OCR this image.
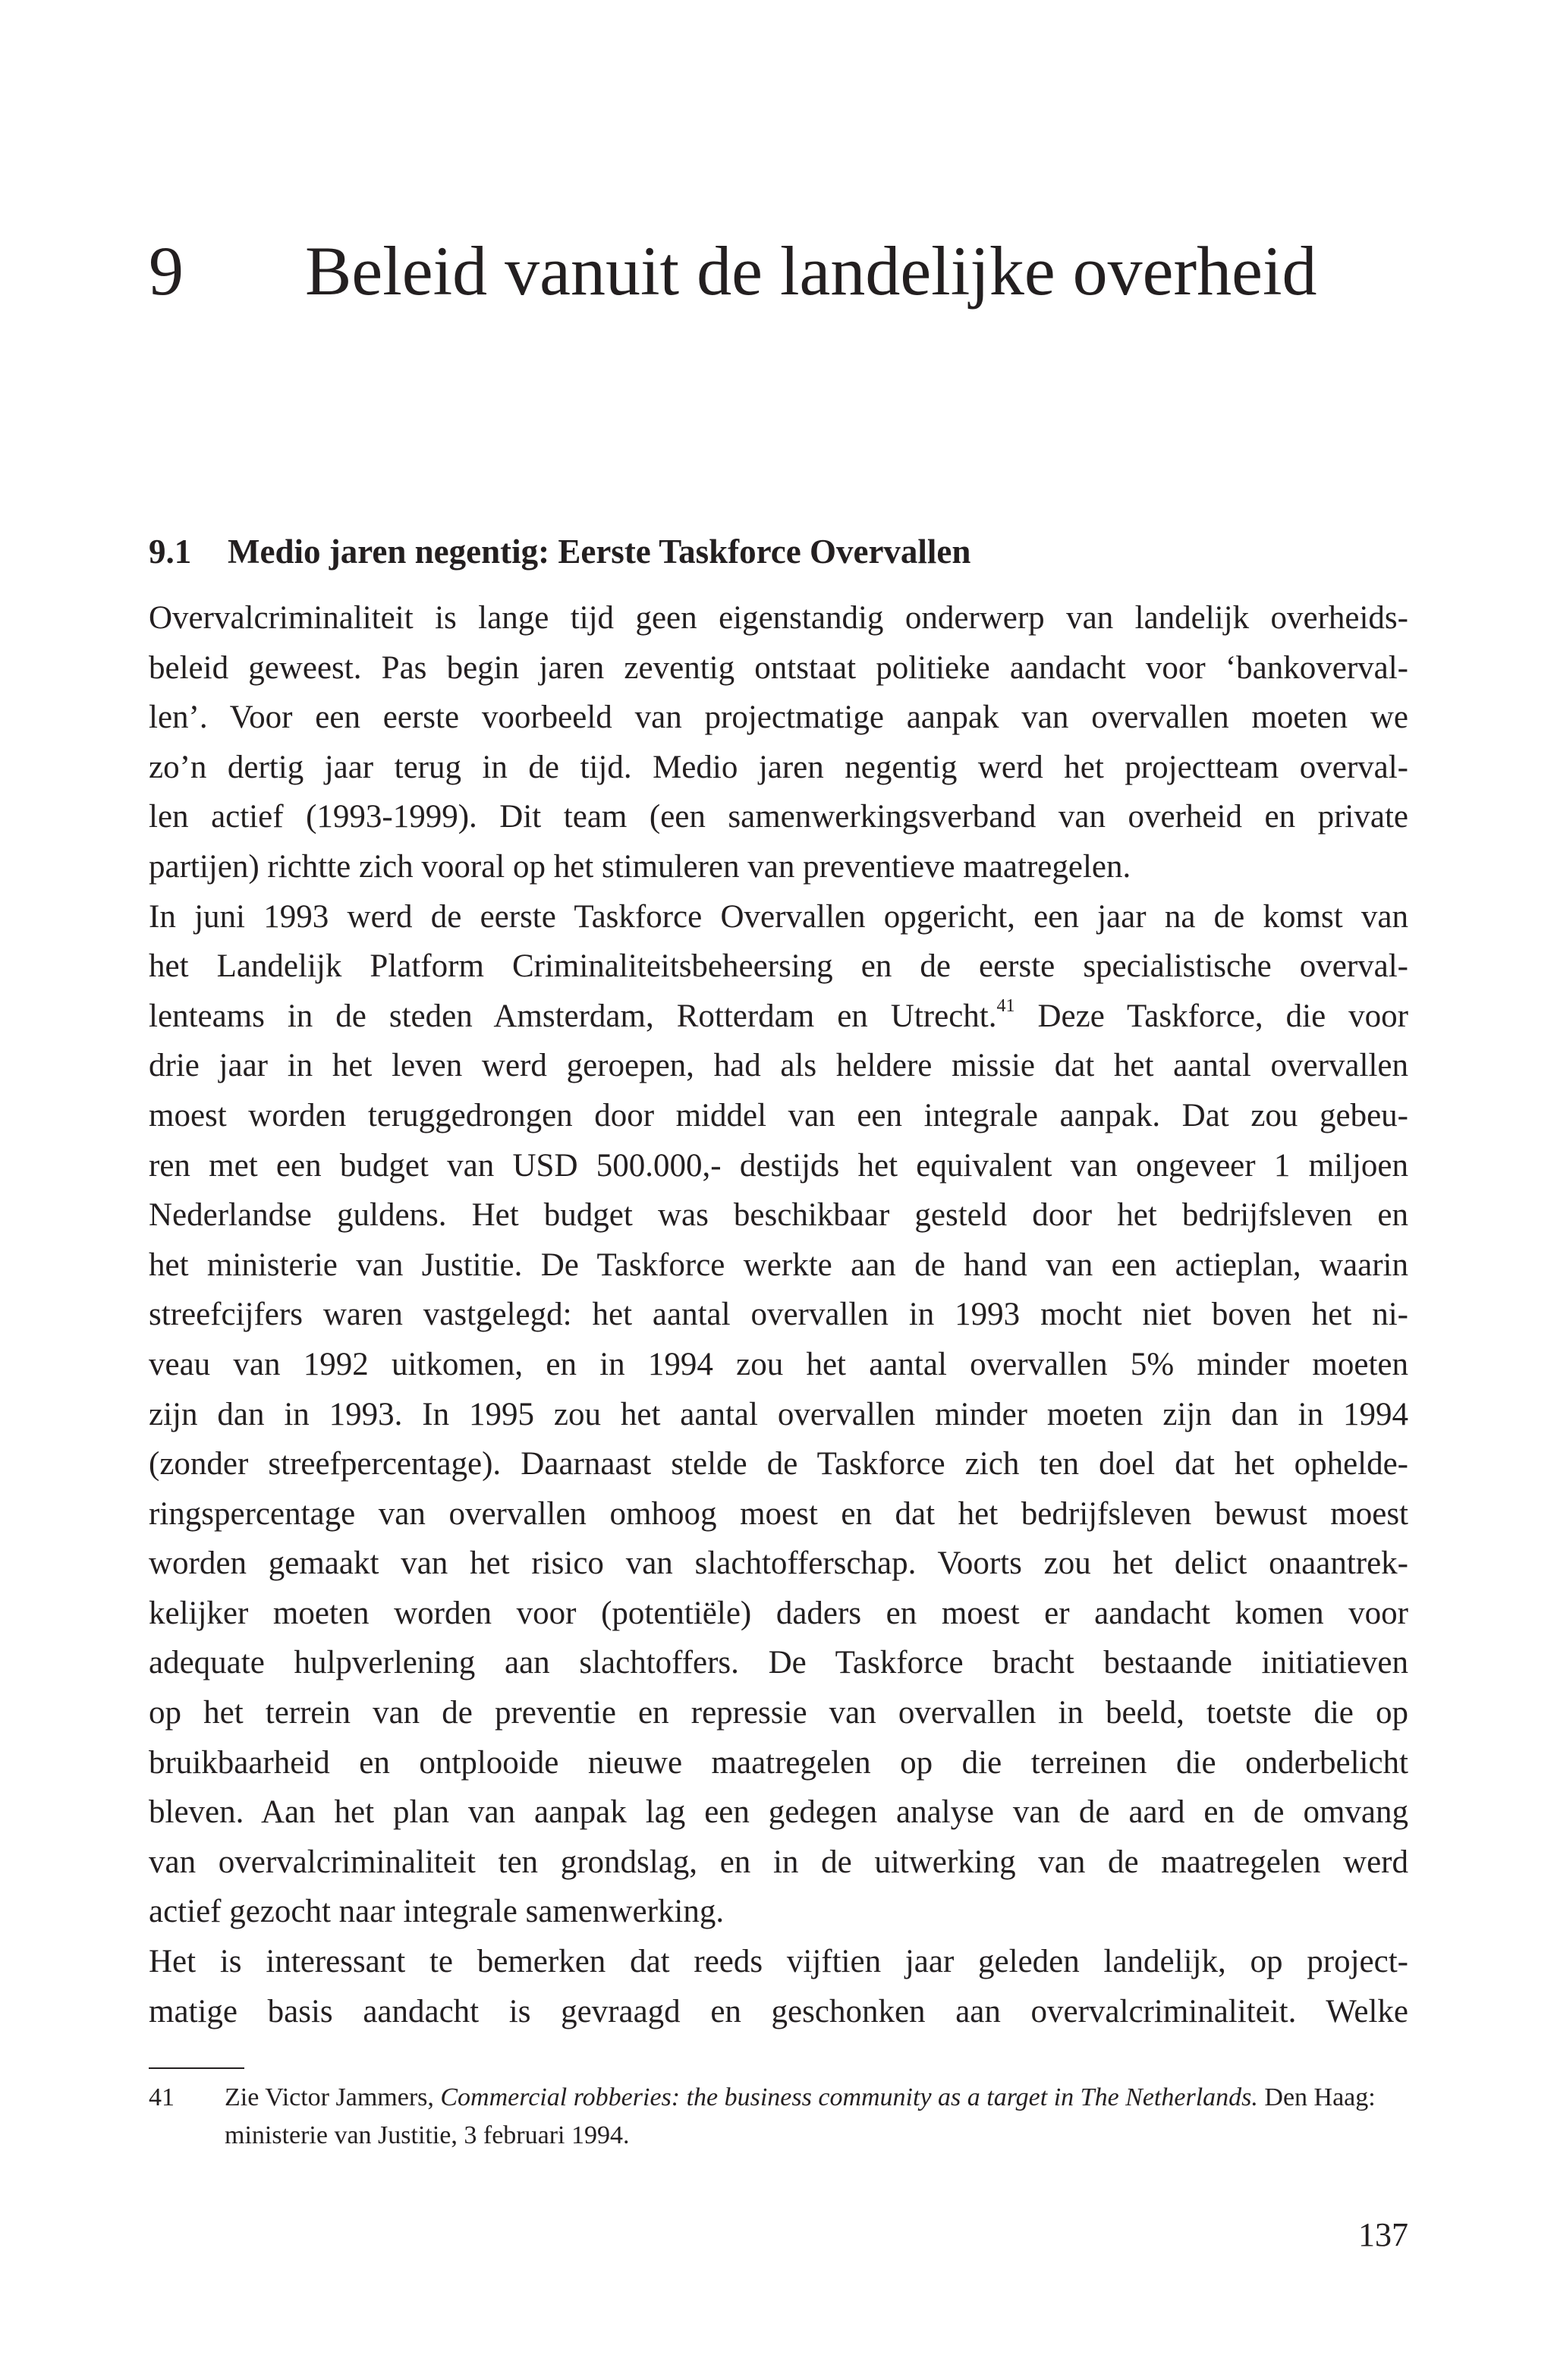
9 Beleid vanuit de landelijke overheid
9.1 Medio jaren negentig: Eerste Taskforce Overvallen

Overvalcriminaliteit is lange tijd geen eigenstandig onderwerp van landelijk overheids-
beleid geweest. Pas begin jaren zeventig ontstaat politieke aandacht voor ‘bankoverval-
len’. Voor een eerste voorbeeld van projectmatige aanpak van overvallen moeten we
zo’n dertig jaar terug in de tijd. Medio jaren negentig werd het projectteam overval-
len actief (1993-1999). Dit team (een samenwerkingsverband van overheid en private
partijen) richtte zich vooral op het stimuleren van preventieve maatregelen.

In juni 1993 werd de eerste Taskforce Overvallen opgericht, een jaar na de komst van
het Landelijk Platform Criminaliteitsbeheersing en de eerste specialistische overval-
lenteams in de steden Amsterdam, Rotterdam en Utrecht.$^{41}$ Deze Taskforce, die voor
drie jaar in het leven werd geroepen, had als heldere missie dat het aantal overvallen
moest worden teruggedrongen door middel van een integrale aanpak. Dat zou gebeu-
ren met een budget van USD 500.000,- destijds het equivalent van ongeveer 1 miljoen
Nederlandse guldens. Het budget was beschikbaar gesteld door het bedrijfsleven en
het ministerie van Justitie. De Taskforce werkte aan de hand van een actieplan, waarin
streefcijfers waren vastgelegd: het aantal overvallen in 1993 mocht niet boven het ni-
veau van 1992 uitkomen, en in 1994 zou het aantal overvallen 5% minder moeten
zijn dan in 1993. In 1995 zou het aantal overvallen minder moeten zijn dan in 1994
(zonder streefpercentage). Daarnaast stelde de Taskforce zich ten doel dat het ophelde-
ringspercentage van overvallen omhoog moest en dat het bedrijfsleven bewust moest
worden gemaakt van het risico van slachtofferschap. Voorts zou het delict onaantrek-
kelijker moeten worden voor (potentiële) daders en moest er aandacht komen voor
adequate hulpverlening aan slachtoffers. De Taskforce bracht bestaande initiatieven
op het terrein van de preventie en repressie van overvallen in beeld, toetste die op
bruikbaarheid en ontplooide nieuwe maatregelen op die terreinen die onderbelicht
bleven. Aan het plan van aanpak lag een gedegen analyse van de aard en de omvang
van overvalcriminaliteit ten grondslag, en in de uitwerking van de maatregelen werd
actief gezocht naar integrale samenwerking.

Het is interessant te bemerken dat reeds vijftien jaar geleden landelijk, op project-
matige basis aandacht is gevraagd en geschonken aan overvalcriminaliteit. Welke

41 Zie Victor Jammers, Commercial robberies: the business community as a target in The Netherlands. Den Haag:
ministerie van Justitie, 3 februari 1994.
137
